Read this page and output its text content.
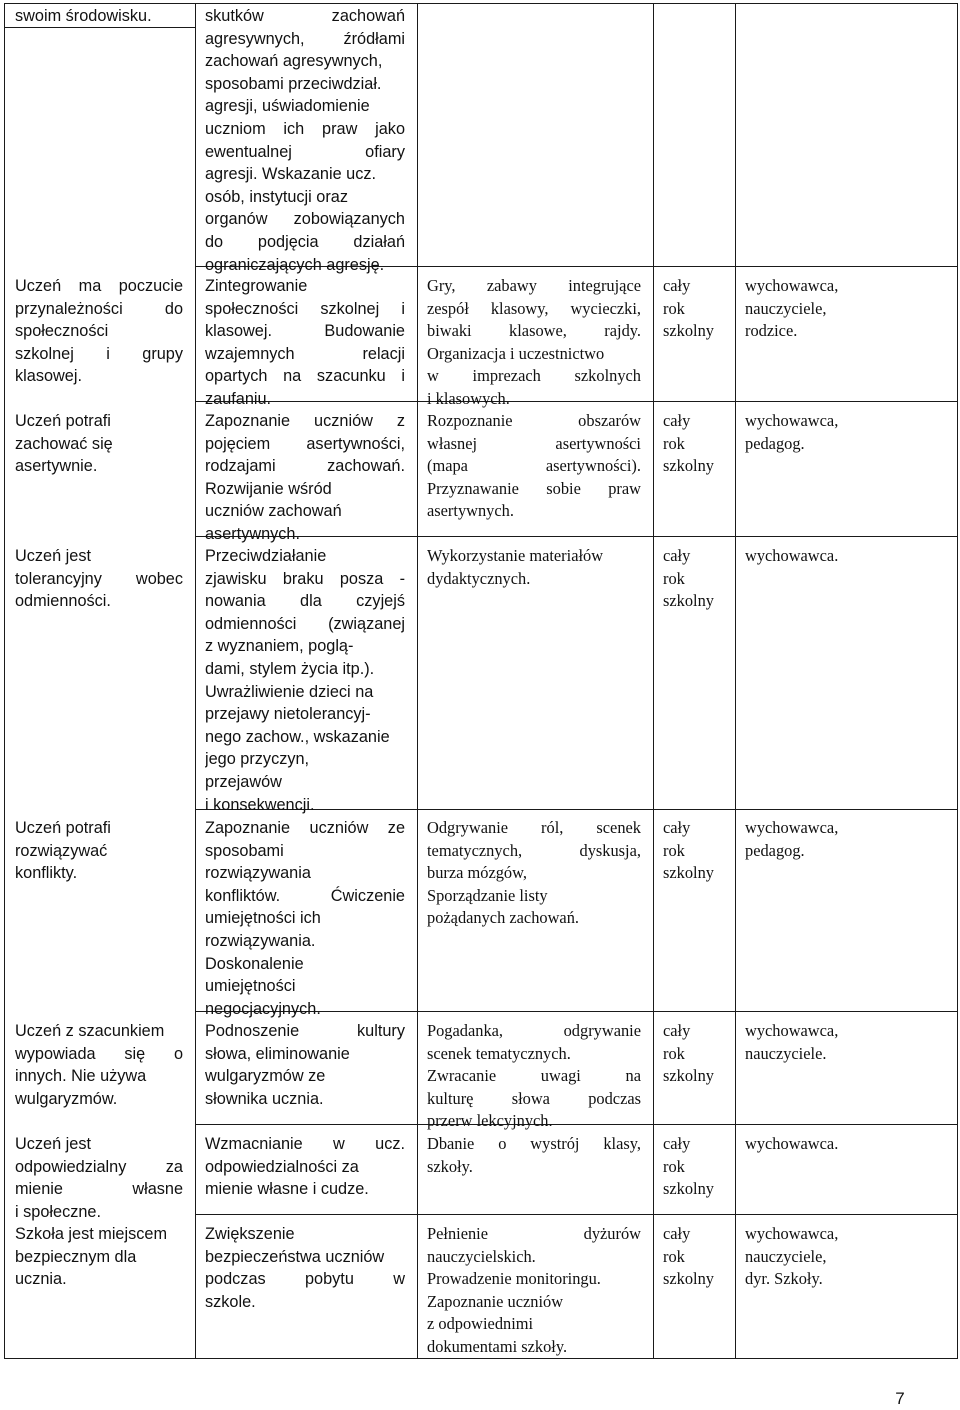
swoim środowisku.
Uczeń ma poczucie
przynależności do
społeczności
szkolnej i grupy
klasowej.
Uczeń potrafi
zachować się
asertywnie.
Uczeń jest
tolerancyjny wobec
odmienności.
Uczeń potrafi
rozwiązywać
konflikty.
Uczeń z szacunkiem
wypowiada się o
innych. Nie używa
wulgaryzmów.
Uczeń jest
odpowiedzialny za
mienie własne
i społeczne.
Szkoła jest miejscem
bezpiecznym dla
ucznia.
skutków zachowań
agresywnych, źródłami
zachowań agresywnych,
sposobami przeciwdział.
agresji, uświadomienie
uczniom ich praw jako
ewentualnej ofiary
agresji. Wskazanie ucz.
osób, instytucji oraz
organów zobowiązanych
do podjęcia działań
ograniczających agresję.
Zintegrowanie
społeczności szkolnej i
klasowej. Budowanie
wzajemnych relacji
opartych na szacunku i
zaufaniu.
Zapoznanie uczniów z
pojęciem asertywności,
rodzajami zachowań.
Rozwijanie wśród
uczniów zachowań
asertywnych.
Przeciwdziałanie
zjawisku braku posza -
nowania dla czyjejś
odmienności (związanej
z wyznaniem, poglą-
dami, stylem życia itp.).
Uwrażliwienie dzieci na
przejawy nietolerancyj-
nego zachow., wskazanie
jego przyczyn,
przejawów
i konsekwencji.
Zapoznanie uczniów ze
sposobami
rozwiązywania
konfliktów. Ćwiczenie
umiejętności ich
rozwiązywania.
Doskonalenie
umiejętności
negocjacyjnych.
Podnoszenie kultury
słowa, eliminowanie
wulgaryzmów ze
słownika ucznia.
Wzmacnianie w ucz.
odpowiedzialności za
mienie własne i cudze.
Zwiększenie
bezpieczeństwa uczniów
podczas pobytu w
szkole.
Gry, zabawy integrujące
zespół klasowy, wycieczki,
biwaki klasowe, rajdy.
Organizacja i uczestnictwo
w imprezach szkolnych
i klasowych.
Rozpoznanie obszarów
własnej asertywności
(mapa asertywności).
Przyznawanie sobie praw
asertywnych.
Wykorzystanie materiałów
dydaktycznych.
Odgrywanie ról, scenek
tematycznych, dyskusja,
burza mózgów,
Sporządzanie listy
pożądanych zachowań.
Pogadanka, odgrywanie
scenek tematycznych.
Zwracanie uwagi na
kulturę słowa podczas
przerw lekcyjnych.
Dbanie o wystrój klasy,
szkoły.
Pełnienie dyżurów
nauczycielskich.
Prowadzenie monitoringu.
Zapoznanie uczniów
z odpowiednimi
dokumentami szkoły.
cały
rok
szkolny
cały
rok
szkolny
cały
rok
szkolny
cały
rok
szkolny
cały
rok
szkolny
cały
rok
szkolny
cały
rok
szkolny
wychowawca,
nauczyciele,
rodzice.
wychowawca,
pedagog.
wychowawca.
wychowawca,
pedagog.
wychowawca,
nauczyciele.
wychowawca.
wychowawca,
nauczyciele,
dyr. Szkoły.
7
